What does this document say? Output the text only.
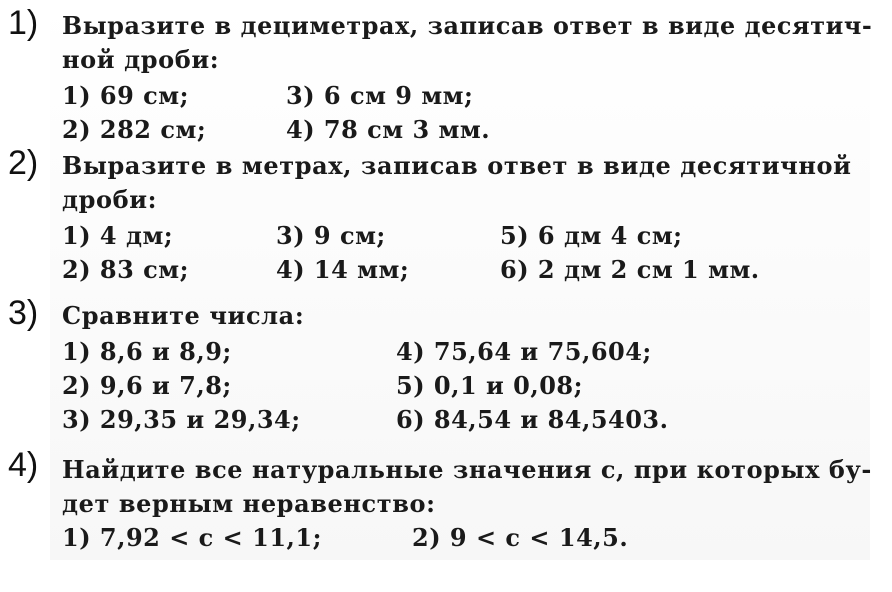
1) Выразите в дециметрах, записав ответ в виде десятич-
ной дроби:
1) 69 см;	3) 6 см 9 мм;
2) 282 см;	4) 78 см 3 мм.
2) Выразите в метрах, записав ответ в виде десятичной
дроби:
1) 4 дм;	3) 9 см;	5) 6 дм 4 см;
2) 83 см;	4) 14 мм;	6) 2 дм 2 см 1 мм.
3) Сравните числа:
1) 8,6 и 8,9;	4) 75,64 и 75,604;
2) 9,6 и 7,8;	5) 0,1 и 0,08;
3) 29,35 и 29,34;	6) 84,54 и 84,5403.
4) Найдите все натуральные значения с, при которых бу-
дет верным неравенство:
1) 7,92 < с < 11,1;	2) 9 < с < 14,5.
